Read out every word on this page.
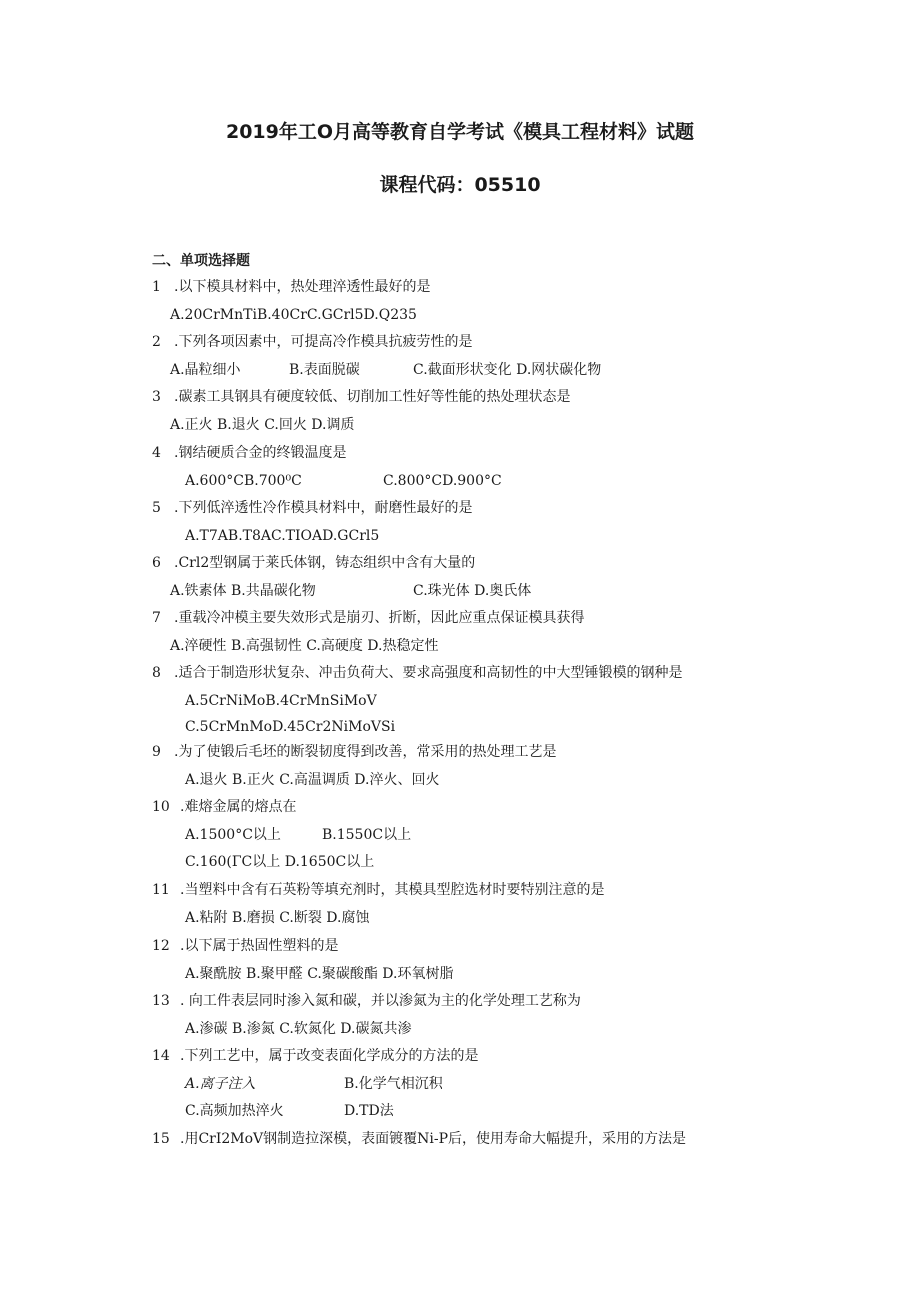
2019年工O月高等教育自学考试《模具工程材料》试题
课程代码：05510
二、单项选择题
1 .以下模具材料中，热处理淬透性最好的是
A.20CrMnTiB.40CrC.GCrl5D.Q235
2 .下列各项因素中，可提高冷作模具抗疲劳性的是
A.晶粒细小	B.表面脱碳	C.截面形状变化 D.网状碳化物
3 .碳素工具钢具有硬度较低、切削加工性好等性能的热处理状态是
A.正火 B.退火 C.回火 D.调质
4 .钢结硬质合金的终锻温度是
A.600°CB.700⁰C	C.800°CD.900°C
5 .下列低淬透性冷作模具材料中，耐磨性最好的是
A.T7AB.T8AC.TIOAD.GCrl5
6 .Crl2型钢属于莱氏体钢，铸态组织中含有大量的
A.铁素体 B.共晶碳化物	C.珠光体 D.奥氏体
7 .重载冷冲模主要失效形式是崩刃、折断，因此应重点保证模具获得
A.淬硬性 B.高强韧性 C.高硬度 D.热稳定性
8 .适合于制造形状复杂、冲击负荷大、要求高强度和高韧性的中大型锤锻模的钢种是
A.5CrNiMoB.4CrMnSiMoV
C.5CrMnMoD.45Cr2NiMoVSi
9 .为了使锻后毛坯的断裂韧度得到改善，常采用的热处理工艺是
A.退火 B.正火 C.高温调质 D.淬火、回火
10 .难熔金属的熔点在
A.1500°C以上	B.1550C以上
C.160(ΓC以上 D.1650C以上
11 .当塑料中含有石英粉等填充剂时，其模具型腔选材时要特别注意的是
A.粘附 B.磨损 C.断裂 D.腐蚀
12 .以下属于热固性塑料的是
A.聚酰胺 B.聚甲醛 C.聚碳酸酯 D.环氧树脂
13 . 向工件表层同时渗入氮和碳，并以渗氮为主的化学处理工艺称为
A.渗碳 B.渗氮 C.软氮化 D.碳氮共渗
14 .下列工艺中，属于改变表面化学成分的方法的是
A.离子注入	B.化学气相沉积
C.高频加热淬火	D.TD法
15 .用CrI2MoV钢制造拉深模，表面镀覆Ni-P后，使用寿命大幅提升，采用的方法是
